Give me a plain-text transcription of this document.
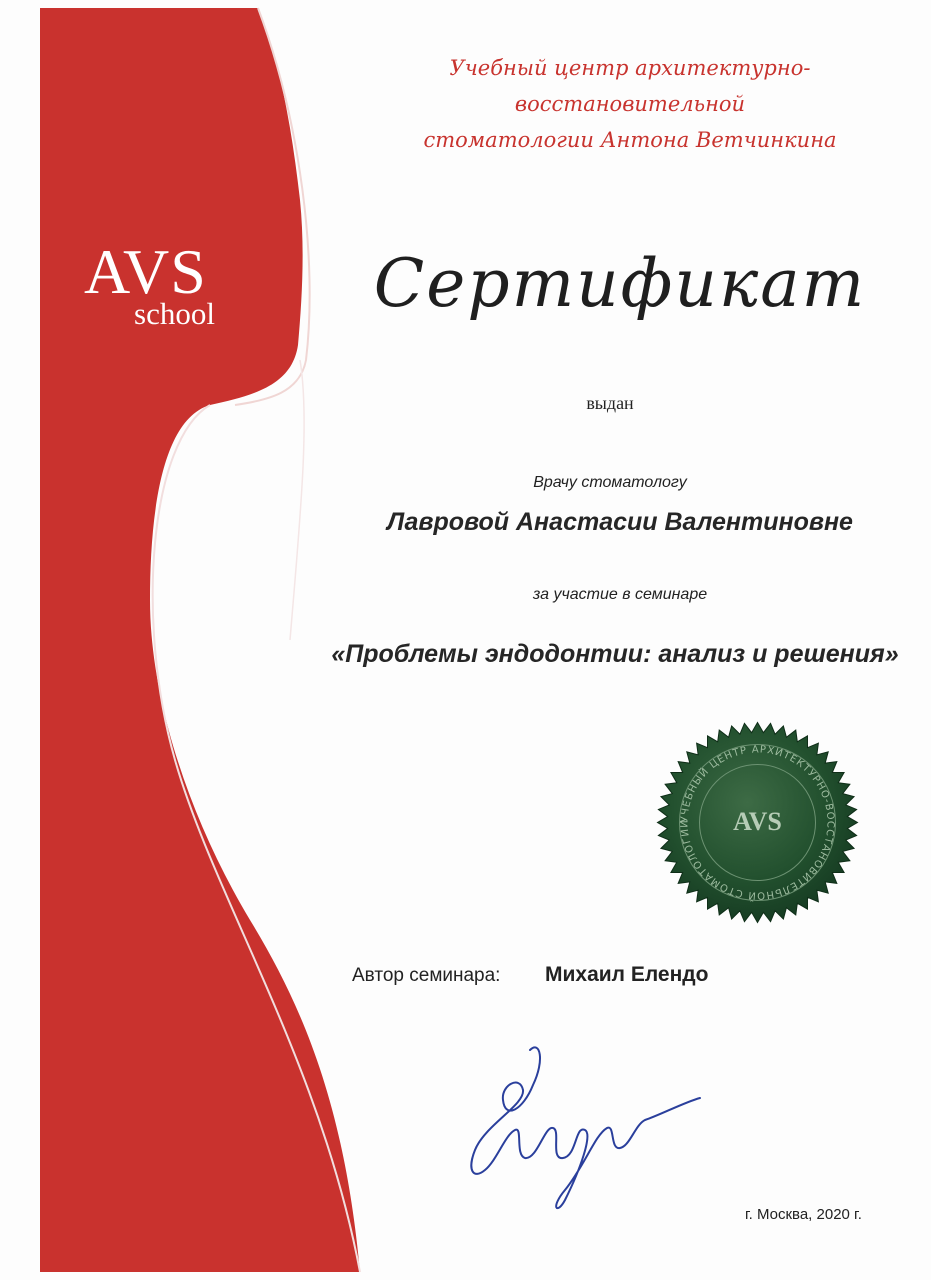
AVS
school
Учебный центр архитектурно-восстановительной
стоматологии Антона Ветчинкина
Сертификат
выдан
Врачу стоматологу
Лавровой Анастасии Валентиновне
за участие в семинаре
«Проблемы эндодонтии: анализ и решения»
УЧЕБНЫЙ ЦЕНТР АРХИТЕКТУРНО-ВОССТАНОВИТЕЛЬНОЙ СТОМАТОЛОГИИ	AVS
Автор семинара: Михаил Елендо
г. Москва, 2020 г.
